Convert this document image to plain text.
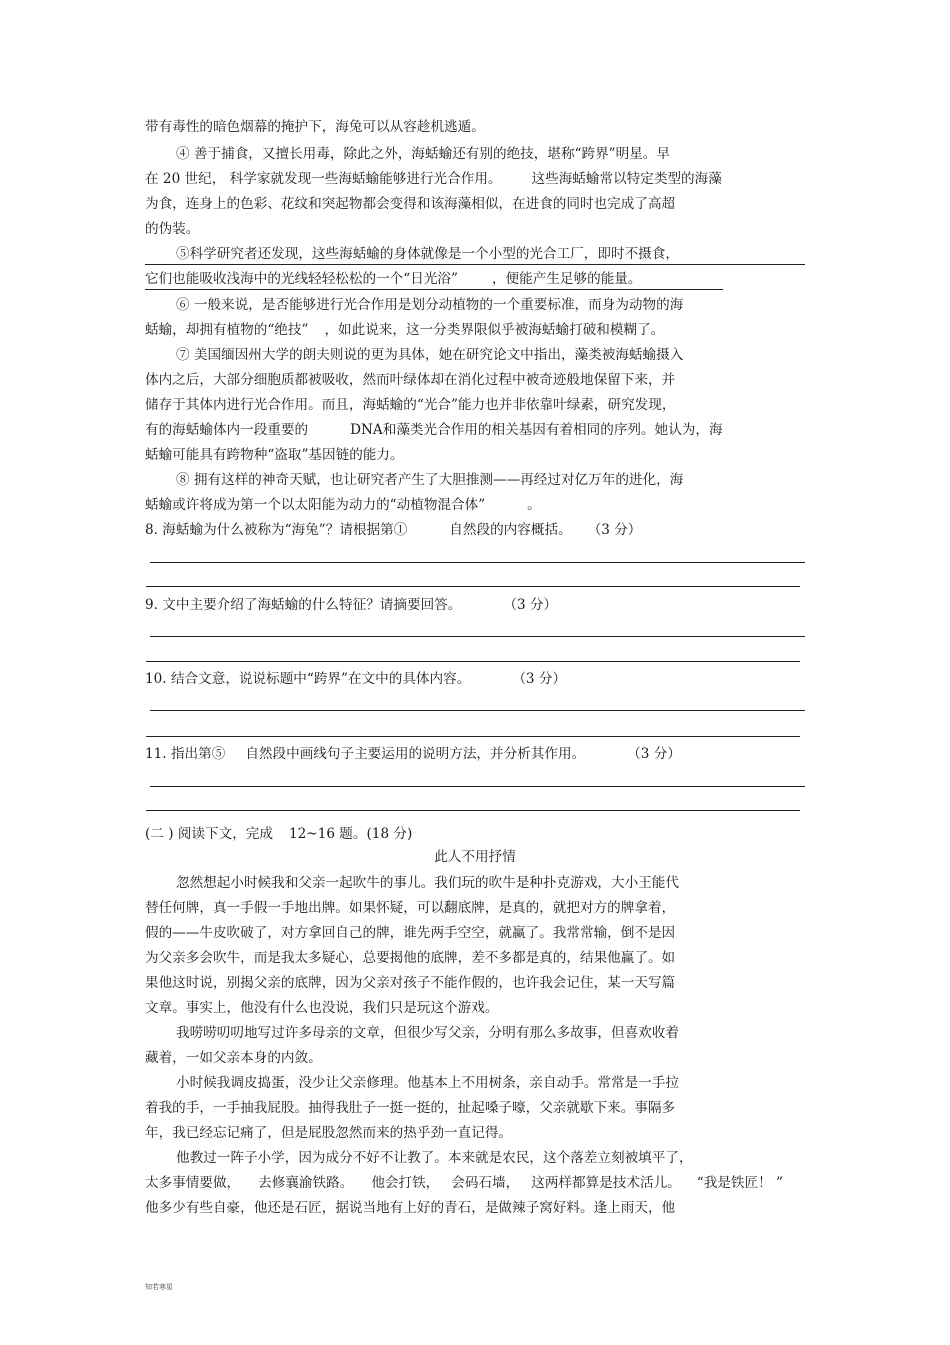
带有毒性的暗色烟幕的掩护下，海兔可以从容趁机逃遁。

④ 善于捕食，又擅长用毒，除此之外，海蛞蝓还有别的绝技，堪称“跨界”明星。早

在 20 世纪， 科学家就发现一些海蛞蝓能够进行光合作用。 这些海蛞蝓常以特定类型的海藻

为食，连身上的色彩、花纹和突起物都会变得和该海藻相似，在进食的同时也完成了高超

的伪装。

⑤科学研究者还发现，这些海蛞蝓的身体就像是一个小型的光合工厂，即时不摄食，

它们也能吸收浅海中的光线轻轻松松的一个“日光浴”	，便能产生足够的能量。

⑥ 一般来说，是否能够进行光合作用是划分动植物的一个重要标准，而身为动物的海

蛞蝓，却拥有植物的“绝技” ，如此说来，这一分类界限似乎被海蛞蝓打破和模糊了。

⑦ 美国缅因州大学的朗夫则说的更为具体，她在研究论文中指出，藻类被海蛞蝓摄入

体内之后，大部分细胞质都被吸收，然而叶绿体却在消化过程中被奇迹般地保留下来，并

储存于其体内进行光合作用。而且，海蛞蝓的“光合”能力也并非依靠叶绿素，研究发现，

有的海蛞蝓体内一段重要的	DNA和藻类光合作用的相关基因有着相同的序列。她认为，海

蛞蝓可能具有跨物种“盗取”基因链的能力。

⑧ 拥有这样的神奇天赋，也让研究者产生了大胆推测——再经过对亿万年的进化，海

蛞蝓或许将成为第一个以太阳能为动力的“动植物混合体”	。

8. 海蛞蝓为什么被称为“海兔”？请根据第①	自然段的内容概括。 （3 分）

9. 文中主要介绍了海蛞蝓的什么特征？请摘要回答。	（3 分）

10. 结合文意，说说标题中“跨界”在文中的具体内容。	（3 分）

11. 指出第⑤ 自然段中画线句子主要运用的说明方法，并分析其作用。	（3 分）

(二 ) 阅读下文，完成 12~16 题。(18 分)

此人不用抒情

忽然想起小时候我和父亲一起吹牛的事儿。我们玩的吹牛是种扑克游戏，大小王能代

替任何牌，真一手假一手地出牌。如果怀疑，可以翻底牌，是真的，就把对方的牌拿着，

假的——牛皮吹破了，对方拿回自己的牌，谁先两手空空，就赢了。我常常输，倒不是因

为父亲多会吹牛，而是我太多疑心，总要揭他的底牌，差不多都是真的，结果他赢了。如

果他这时说，别揭父亲的底牌，因为父亲对孩子不能作假的，也许我会记住，某一天写篇

文章。事实上，他没有什么也没说，我们只是玩这个游戏。

我唠唠叨叨地写过许多母亲的文章，但很少写父亲，分明有那么多故事，但喜欢收着

藏着，一如父亲本身的内敛。

小时候我调皮捣蛋，没少让父亲修理。他基本上不用树条，亲自动手。常常是一手拉

着我的手，一手抽我屁股。抽得我肚子一挺一挺的，扯起嗓子嚎，父亲就歇下来。事隔多

年，我已经忘记痛了，但是屁股忽然而来的热乎劲一直记得。

他教过一阵子小学，因为成分不好不让教了。本来就是农民，这个落差立刻被填平了，

太多事情要做， 去修襄渝铁路。 他会打铁， 会码石墙， 这两样都算是技术活儿。 “我是铁匠！ ”

他多少有些自豪，他还是石匠，据说当地有上好的青石，是做辣子窝好料。逢上雨天，他

知若寒星
